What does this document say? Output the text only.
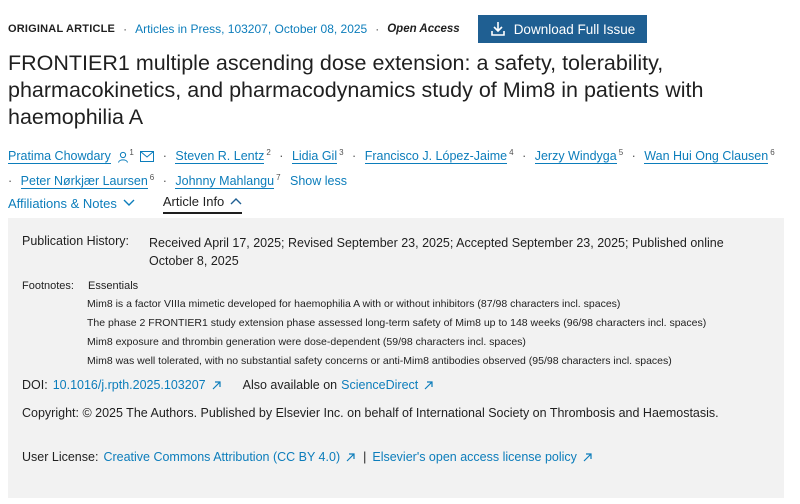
ORIGINAL ARTICLE · Articles in Press, 103207, October 08, 2025 · Open Access	Download Full Issue
FRONTIER1 multiple ascending dose extension: a safety, tolerability, pharmacokinetics, and pharmacodynamics study of Mim8 in patients with haemophilia A
Pratima Chowdary $^1$ · Steven R. Lentz $^2$ · Lidia Gil $^3$ · Francisco J. López-Jaime $^4$ · Jerzy Windyga $^5$ · Wan Hui Ong Clausen $^6$
· Peter Nørkjær Laursen $^6$ · Johnny Mahlangu $^7$ Show less
Affiliations & Notes	Article Info
Publication History: Received April 17, 2025; Revised September 23, 2025; Accepted September 23, 2025; Published online October 8, 2025
Footnotes: Essentials
Mim8 is a factor VIIIa mimetic developed for haemophilia A with or without inhibitors (87/98 characters incl. spaces)
The phase 2 FRONTIER1 study extension phase assessed long-term safety of Mim8 up to 148 weeks (96/98 characters incl. spaces)
Mim8 exposure and thrombin generation were dose-dependent (59/98 characters incl. spaces)
Mim8 was well tolerated, with no substantial safety concerns or anti-Mim8 antibodies observed (95/98 characters incl. spaces)
DOI: 10.1016/j.rpth.2025.103207	Also available on ScienceDirect
Copyright: © 2025 The Authors. Published by Elsevier Inc. on behalf of International Society on Thrombosis and Haemostasis.
User License: Creative Commons Attribution (CC BY 4.0) | Elsevier's open access license policy
